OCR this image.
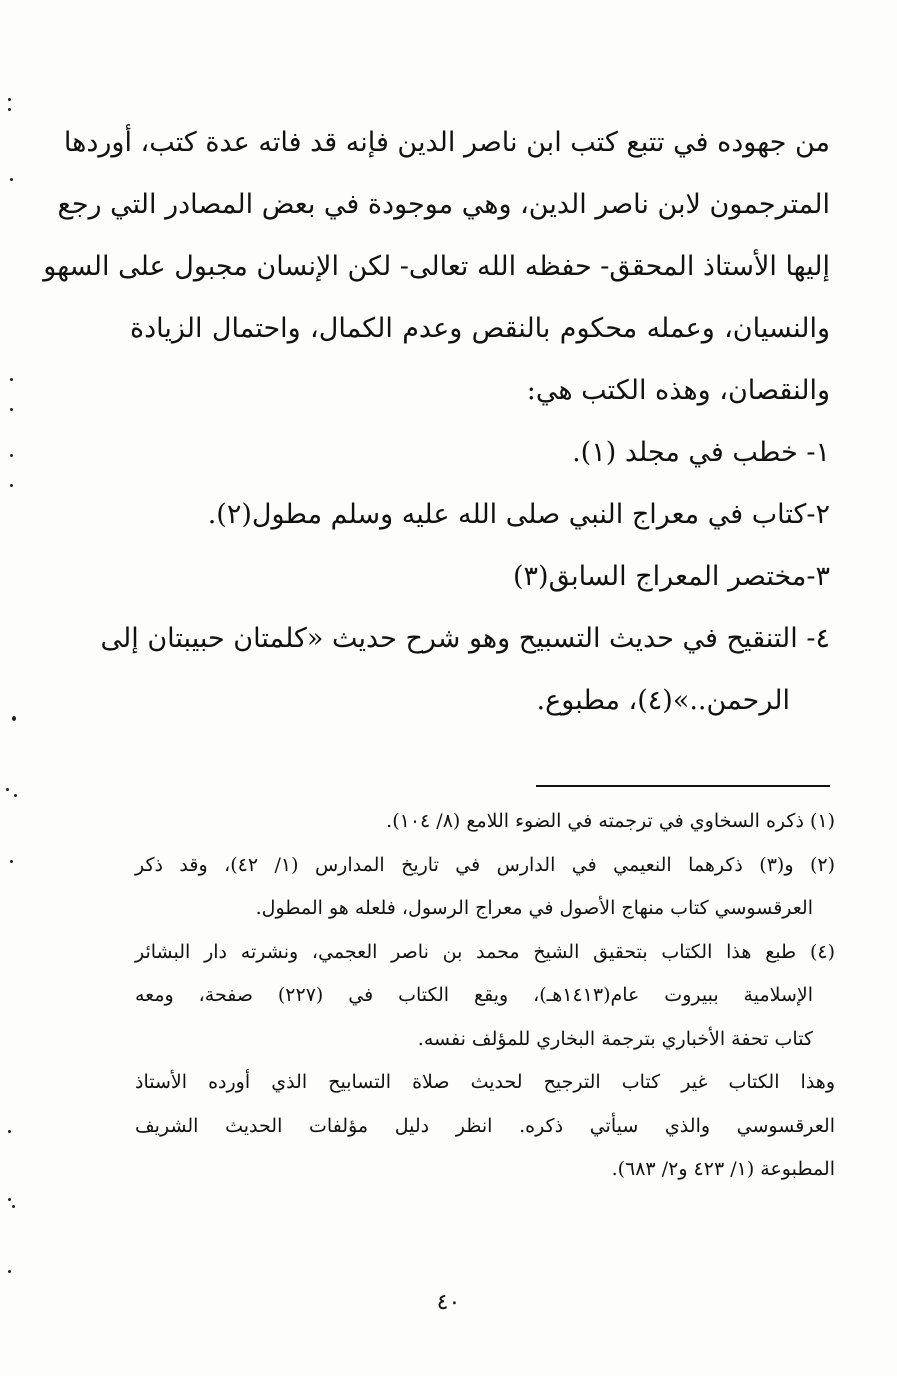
من جهوده في تتبع كتب ابن ناصر الدين فإنه قد فاته عدة كتب، أوردها
المترجمون لابن ناصر الدين، وهي موجودة في بعض المصادر التي رجع
إليها الأستاذ المحقق- حفظه الله تعالى- لكن الإنسان مجبول على السهو
والنسيان، وعمله محكوم بالنقص وعدم الكمال، واحتمال الزيادة
والنقصان، وهذه الكتب هي:
١- خطب في مجلد (١).
٢-كتاب في معراج النبي صلى الله عليه وسلم مطول(٢).
٣-مختصر المعراج السابق(٣)
٤- التنقيح في حديث التسبيح وهو شرح حديث «كلمتان حبيبتان إلى
الرحمن..»(٤)، مطبوع.
(١) ذكره السخاوي في ترجمته في الضوء اللامع (٨/ ١٠٤).
(٢) و(٣) ذكرهما النعيمي في الدارس في تاريخ المدارس (١/ ٤٢)، وقد ذكر
العرقسوسي كتاب منهاج الأصول في معراج الرسول، فلعله هو المطول.
(٤) طبع هذا الكتاب بتحقيق الشيخ محمد بن ناصر العجمي، ونشرته دار البشائر
الإسلامية ببيروت عام(١٤١٣هـ)، ويقع الكتاب في (٢٢٧) صفحة، ومعه
كتاب تحفة الأخباري بترجمة البخاري للمؤلف نفسه.
وهذا الكتاب غير كتاب الترجيح لحديث صلاة التسابيح الذي أورده الأستاذ
العرقسوسي والذي سيأتي ذكره. انظر دليل مؤلفات الحديث الشريف
المطبوعة (١/ ٤٢٣ و٢/ ٦٨٣).
٤٠
